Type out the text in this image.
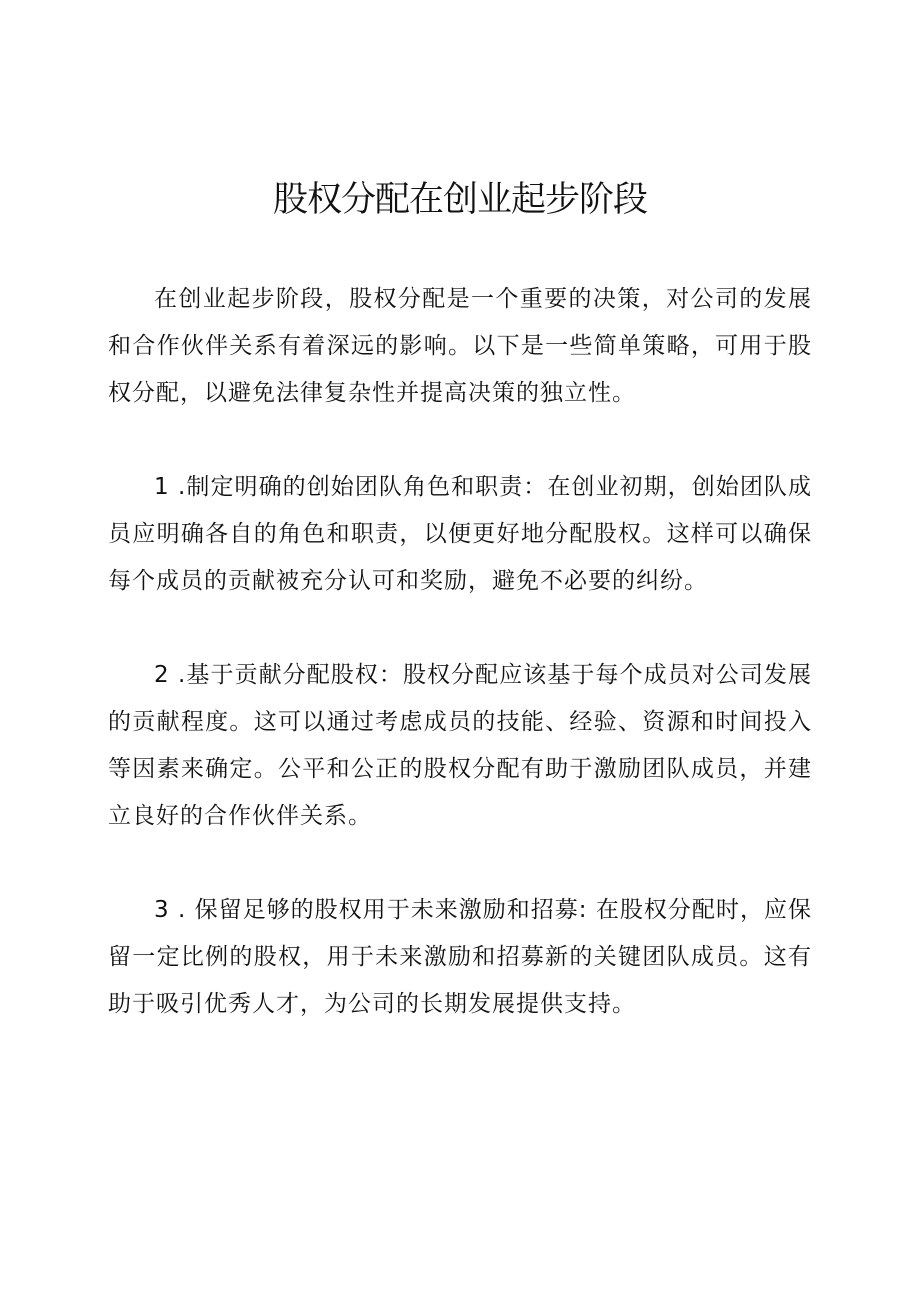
股权分配在创业起步阶段

在创业起步阶段，股权分配是一个重要的决策，对公司的发展和合作伙伴关系有着深远的影响。以下是一些简单策略，可用于股权分配，以避免法律复杂性并提高决策的独立性。

1 .制定明确的创始团队角色和职责：在创业初期，创始团队成员应明确各自的角色和职责，以便更好地分配股权。这样可以确保每个成员的贡献被充分认可和奖励，避免不必要的纠纷。

2 .基于贡献分配股权：股权分配应该基于每个成员对公司发展的贡献程度。这可以通过考虑成员的技能、经验、资源和时间投入等因素来确定。公平和公正的股权分配有助于激励团队成员，并建立良好的合作伙伴关系。

3 . 保留足够的股权用于未来激励和招募: 在股权分配时，应保留一定比例的股权，用于未来激励和招募新的关键团队成员。这有助于吸引优秀人才，为公司的长期发展提供支持。
